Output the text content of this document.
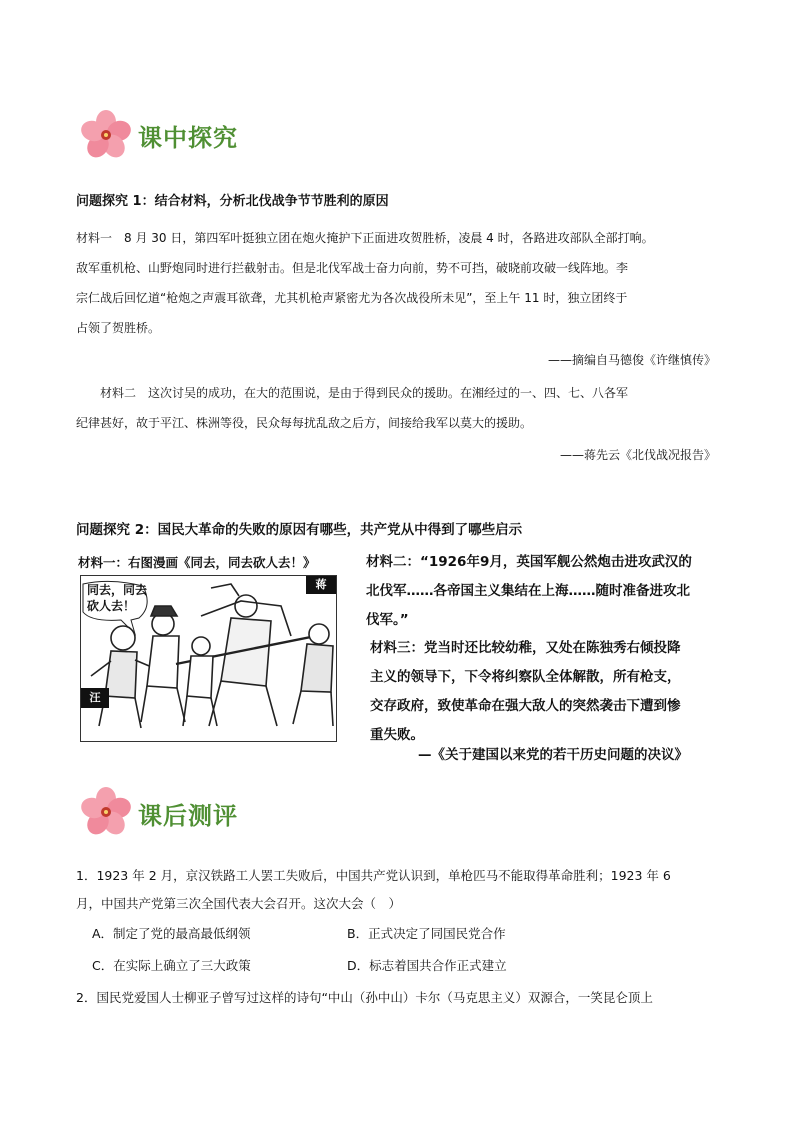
课中探究
问题探究 1：结合材料，分析北伐战争节节胜利的原因
材料一　8 月 30 日，第四军叶挺独立团在炮火掩护下正面进攻贺胜桥，凌晨 4 时，各路进攻部队全部打响。
敌军重机枪、山野炮同时进行拦截射击。但是北伐军战士奋力向前，势不可挡，破晓前攻破一线阵地。李
宗仁战后回忆道“枪炮之声震耳欲聋，尤其机枪声紧密尤为各次战役所未见”，至上午 11 时，独立团终于
占领了贺胜桥。
——摘编自马德俊《许继慎传》
材料二　这次讨吴的成功，在大的范围说，是由于得到民众的援助。在湘经过的一、四、七、八各军
纪律甚好，故于平江、株洲等役，民众每每扰乱敌之后方，间接给我军以莫大的援助。
——蒋先云《北伐战况报告》
问题探究 2：国民大革命的失败的原因有哪些，共产党从中得到了哪些启示
材料一：右图漫画《同去，同去砍人去！》
同去，同去
砍人去！
蒋
汪
材料二：“1926年9月，英国军舰公然炮击进攻武汉的
北伐军……各帝国主义集结在上海……随时准备进攻北
伐军。”
材料三：党当时还比较幼稚，又处在陈独秀右倾投降
主义的领导下，下令将纠察队全体解散，所有枪支，
交存政府，致使革命在强大敌人的突然袭击下遭到惨
重失败。
—《关于建国以来党的若干历史问题的决议》
课后测评
1．1923 年 2 月，京汉铁路工人罢工失败后，中国共产党认识到，单枪匹马不能取得革命胜利；1923 年 6
月，中国共产党第三次全国代表大会召开。这次大会（　）
A．制定了党的最高最低纲领	B．正式决定了同国民党合作
C．在实际上确立了三大政策	D．标志着国共合作正式建立
2．国民党爱国人士柳亚子曾写过这样的诗句“中山（孙中山）卡尔（马克思主义）双源合，一笑昆仑顶上
